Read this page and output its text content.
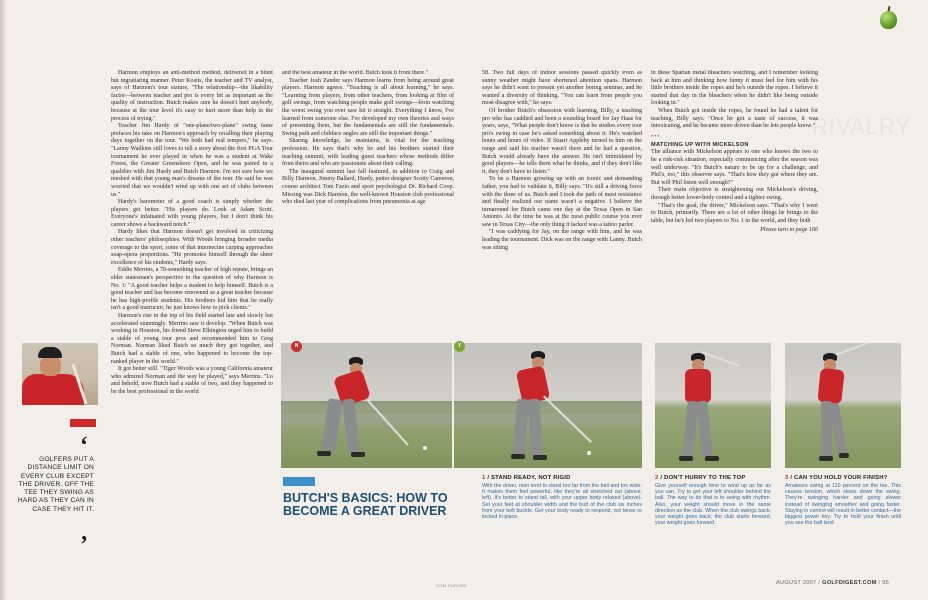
RIVALRY

Harmon employs an anti-method method, delivered in a blunt but ingratiating manner. Peter Kostis, the teacher and TV analyst, says of Harmon's tour stature, "The relationship—the likability factor—between teacher and pro is every bit as important as the quality of instruction. Butch makes sure he doesn't hurt anybody, because at the tour level it's easy to hurt more than help in the process of trying."

Teacher Jim Hardy of "one-plane/two-plane" swing fame prefaces his take on Harmon's approach by recalling their playing days together on the tour. "We both had real tempers," he says. "Lanny Wadkins still loves to tell a story about the first PGA Tour tournament he ever played in when he was a student at Wake Forest, the Greater Greensboro Open, and he was paired in a qualifier with Jim Hardy and Butch Harmon. I'm not sure how we meshed with that young man's dreams of the tour. He said he was worried that we wouldn't wind up with one set of clubs between us."

Hardy's barometer of a good coach is simply whether the players get better. "His players do. Look at Adam Scott. Everyone's infatuated with young players, but I don't think his career shows a backward notch."

Hardy likes that Harmon doesn't get involved in criticizing other teachers' philosophies. With Woods bringing broader media coverage to the sport, some of that internecine carping approaches soap-opera proportions. "He promotes himself through the sheer excellence of his students," Hardy says.

Eddie Merrins, a 70-something teacher of high repute, brings an elder statesman's perspective to the question of why Harmon is No. 1: "A good teacher helps a student to help himself. Butch is a good teacher and has become renowned as a great teacher because he has high-profile students. His brothers kid him that he really isn't a good instructor, he just knows how to pick clients."

Harmon's rise to the top of his field started late and slowly but accelerated stunningly. Merrins saw it develop. "When Butch was working in Houston, his friend Steve Elkington urged him to build a stable of young tour pros and recommended him to Greg Norman. Norman liked Butch so much they got together, and Butch had a stable of one, who happened to become the top-ranked player in the world."

It got better still. "Tiger Woods was a young California amateur who admired Norman and the way he played," says Merrins. "Lo and behold, now Butch had a stable of two, and they happened to be the best professional in the world

and the best amateur in the world. Butch took it from there."

Teacher Josh Zander says Harmon learns from being around great players. Harmon agrees. "Teaching is all about learning," he says. "Learning from players, from other teachers, from looking at film of golf swings, from watching people make golf swings—from watching the worst swing you ever saw hit it straight. Everything I know, I've learned from someone else. I've developed my own theories and ways of presenting them, but the fundamentals are still the fundamentals. Swing path and clubface angles are still the important things."

Sharing knowledge, he maintains, is vital for the teaching profession. He says that's why he and his brothers started their teaching summit, with leading guest teachers whose methods differ from theirs and who are passionate about their calling.

The inaugural summit last fall featured, in addition to Craig and Billy Harmon, Jimmy Ballard, Hardy, putter designer Scotty Cameron, course architect Tom Fazio and sport psychologist Dr. Richard Coop. Missing was Dick Harmon, the well-known Houston club professional who died last year of complications from pneumonia at age

58. Two full days of indoor sessions passed quickly even as sunny weather might have shortened attention spans. Harmon says he didn't want to present yet another boring seminar, and he wanted a diversity of thinking. "You can learn from people you most disagree with," he says.

Of brother Butch's obsession with learning, Billy, a teaching pro who has caddied and been a sounding board for Jay Haas for years, says, "What people don't know is that he studies every tour pro's swing in case he's asked something about it. He's watched hours and hours of video. If Stuart Appleby turned to him on the range and said his teacher wasn't there and he had a question, Butch would already have the answer. He isn't intimidated by good players—he tells them what he thinks, and if they don't like it, they don't have to listen."

To be a Harmon growing up with an iconic and demanding father, you had to validate it, Billy says. "It's still a driving force with the three of us. Butch and I took the path of most resistance and finally realized our name wasn't a negative. I believe the turnaround for Butch came one day at the Texas Open in San Antonio. At the time he was at the most public course you ever saw in Texas City—the only thing it lacked was a tattoo parlor.

"I was caddying for Jay, on the range with him, and he was leading the tournament. Dick was on the range with Lanny. Butch was sitting

in these Spartan metal bleachers watching, and I remember looking back at him and thinking how funny it must feel for him with his little brothers inside the ropes and he's outside the ropes. I believe it started that day in the bleachers when he didn't like being outside looking in."

When Butch got inside the ropes, he found he had a talent for teaching, Billy says. "Once he got a taste of success, it was intoxicating, and he became more driven than he lets people know."

•••

MATCHING UP WITH MICKELSON

The alliance with Mickelson appears to one who knows the two to be a risk-risk situation, especially commencing after the season was well underway. "It's Butch's nature to be up for a challenge, and Phil's, too," this observer says. "That's how they got where they are. But will Phil listen well enough?"

Their main objective is straightening out Mickelson's driving, through better lower-body control and a tighter swing.

"That's the goal, the driver," Mickelson says. "That's why I went to Butch, primarily. There are a lot of other things he brings to the table, but he's led two players to No. 1 in the world, and they both

Please turn to page 166

‘
GOLFERS PUT A DISTANCE LIMIT ON EVERY CLUB EXCEPT THE DRIVER. OFF THE TEE THEY SWING AS HARD AS THEY CAN IN CASE THEY HIT IT.
’
N	Y
BUTCH'S BASICS: HOW TO BECOME A GREAT DRIVER
1 / STAND READY, NOT RIGID
With the driver, men tend to stand too far from the ball and too wide. It makes them feel powerful, like they're all stretched out (above, left). It's better to stand tall, with your upper body relaxed (above). Set your feet at shoulder width and the butt of the club six inches from your belt buckle. Get your body ready to respond, not tense or locked in place.
2 / DON'T HURRY TO THE TOP
Give yourself enough time to wind up as far as you can. Try to get your left shoulder behind the ball. The way to do that is to swing with rhythm. Also, your weight should move in the same direction as the club. When the club swings back, your weight goes back; the club starts forward, your weight goes forward.
3 / CAN YOU HOLD YOUR FINISH?
Amateurs swing at 110 percent on the tee. This causes tension, which slows down the swing. They're swinging harder and going slower instead of swinging smoother and going faster. Staying in control will result in better contact—the biggest power key. Try to hold your finish until you see the ball land.
DOM FURORE	AUGUST 2007 / GOLFDIGEST.COM / 95
